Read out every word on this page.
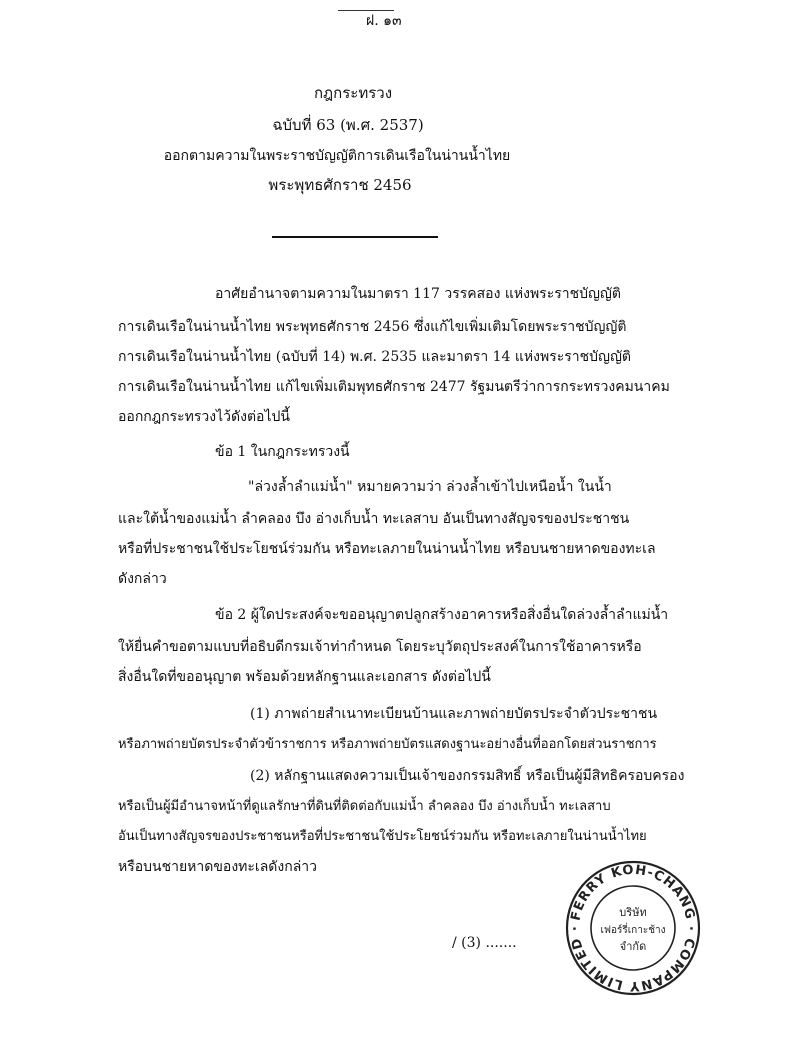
ฝ. ๑๓
กฎกระทรวง
ฉบับที่ 63 (พ.ศ. 2537)
ออกตามความในพระราชบัญญัติการเดินเรือในน่านน้ำไทย
พระพุทธศักราช 2456
อาศัยอำนาจตามความในมาตรา 117 วรรคสอง แห่งพระราชบัญญัติ
การเดินเรือในน่านน้ำไทย พระพุทธศักราช 2456 ซึ่งแก้ไขเพิ่มเติมโดยพระราชบัญญัติ
การเดินเรือในน่านน้ำไทย (ฉบับที่ 14) พ.ศ. 2535 และมาตรา 14 แห่งพระราชบัญญัติ
การเดินเรือในน่านน้ำไทย แก้ไขเพิ่มเติมพุทธศักราช 2477 รัฐมนตรีว่าการกระทรวงคมนาคม
ออกกฎกระทรวงไว้ดังต่อไปนี้
ข้อ 1 ในกฎกระทรวงนี้
"ล่วงล้ำลำแม่น้ำ" หมายความว่า ล่วงล้ำเข้าไปเหนือน้ำ ในน้ำ
และใต้น้ำของแม่น้ำ ลำคลอง บึง อ่างเก็บน้ำ ทะเลสาบ อันเป็นทางสัญจรของประชาชน
หรือที่ประชาชนใช้ประโยชน์ร่วมกัน หรือทะเลภายในน่านน้ำไทย หรือบนชายหาดของทะเล
ดังกล่าว
ข้อ 2 ผู้ใดประสงค์จะขออนุญาตปลูกสร้างอาคารหรือสิ่งอื่นใดล่วงล้ำลำแม่น้ำ
ให้ยื่นคำขอตามแบบที่อธิบดีกรมเจ้าท่ากำหนด โดยระบุวัตถุประสงค์ในการใช้อาคารหรือ
สิ่งอื่นใดที่ขออนุญาต พร้อมด้วยหลักฐานและเอกสาร ดังต่อไปนี้
(1) ภาพถ่ายสำเนาทะเบียนบ้านและภาพถ่ายบัตรประจำตัวประชาชน
หรือภาพถ่ายบัตรประจำตัวข้าราชการ หรือภาพถ่ายบัตรแสดงฐานะอย่างอื่นที่ออกโดยส่วนราชการ
(2) หลักฐานแสดงความเป็นเจ้าของกรรมสิทธิ์ หรือเป็นผู้มีสิทธิครอบครอง
หรือเป็นผู้มีอำนาจหน้าที่ดูแลรักษาที่ดินที่ติดต่อกับแม่น้ำ ลำคลอง บึง อ่างเก็บน้ำ ทะเลสาบ
อันเป็นทางสัญจรของประชาชนหรือที่ประชาชนใช้ประโยชน์ร่วมกัน หรือทะเลภายในน่านน้ำไทย
หรือบนชายหาดของทะเลดังกล่าว
/ (3) .......
FERRY KOH-CHANG · COMPANY LIMITED ·
บริษัท
เฟอร์รี่เกาะช้าง
จำกัด
